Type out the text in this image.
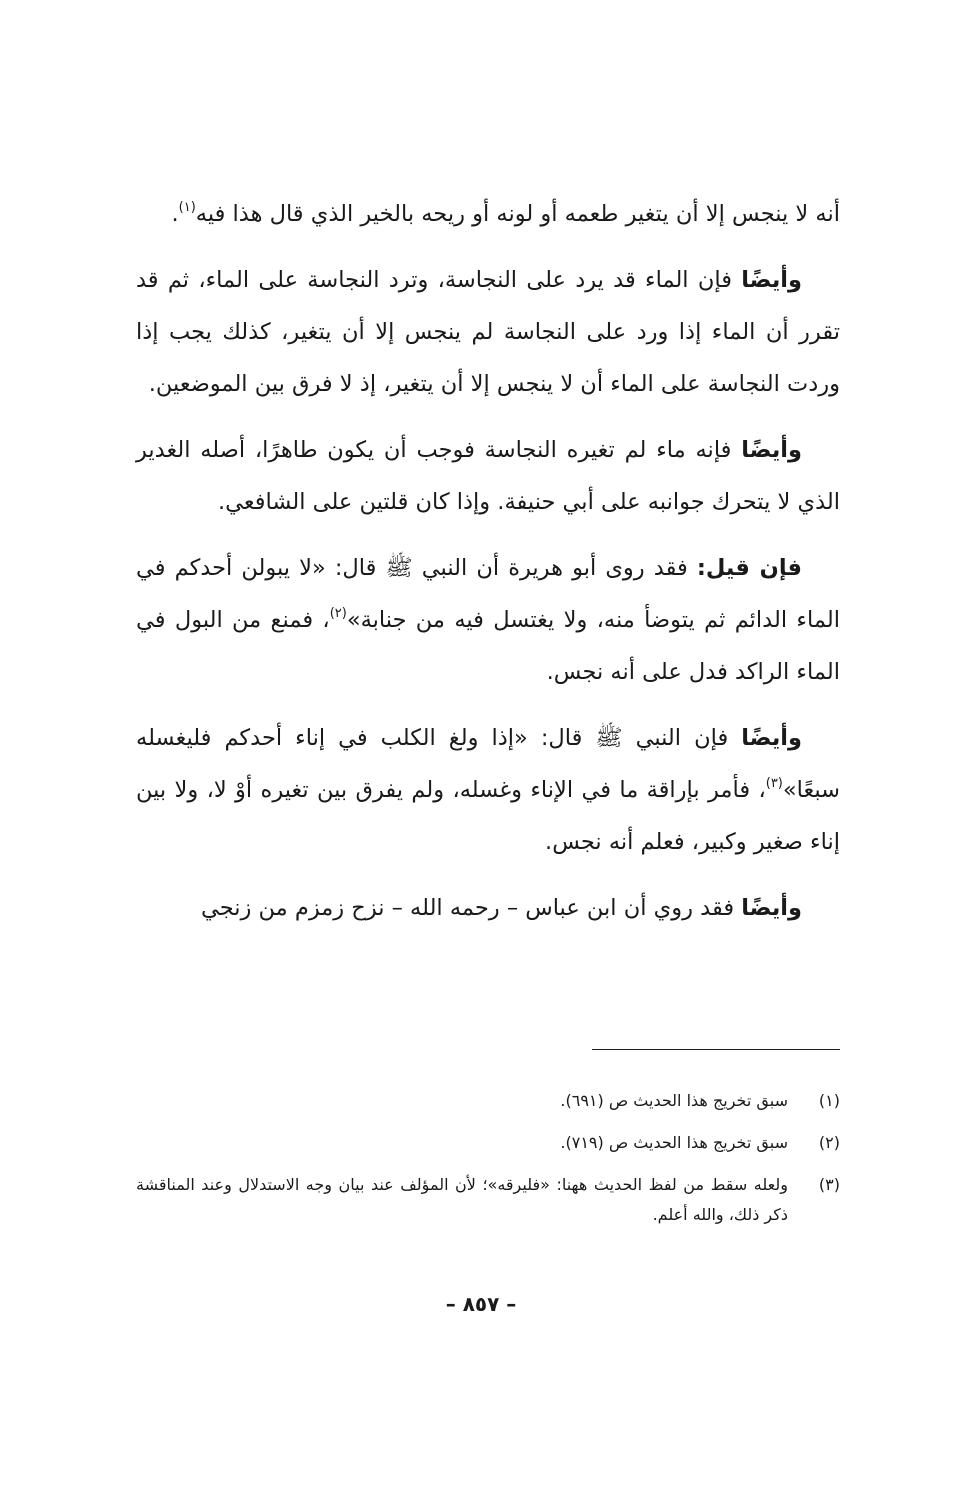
أنه لا ينجس إلا أن يتغير طعمه أو لونه أو ريحه بالخير الذي قال هذا فيه$^{(١)}$.

وأيضًا فإن الماء قد يرد على النجاسة، وترد النجاسة على الماء، ثم قد تقرر أن الماء إذا ورد على النجاسة لم ينجس إلا أن يتغير، كذلك يجب إذا وردت النجاسة على الماء أن لا ينجس إلا أن يتغير، إذ لا فرق بين الموضعين.

وأيضًا فإنه ماء لم تغيره النجاسة فوجب أن يكون طاهرًا، أصله الغدير الذي لا يتحرك جوانبه على أبي حنيفة. وإذا كان قلتين على الشافعي.

فإن قيل: فقد روى أبو هريرة أن النبي ﷺ قال: «لا يبولن أحدكم في الماء الدائم ثم يتوضأ منه، ولا يغتسل فيه من جنابة»$^{(٢)}$، فمنع من البول في الماء الراكد فدل على أنه نجس.

وأيضًا فإن النبي ﷺ قال: «إذا ولغ الكلب في إناء أحدكم فليغسله سبعًا»$^{(٣)}$، فأمر بإراقة ما في الإناء وغسله، ولم يفرق بين تغيره أوْ لا، ولا بين إناء صغير وكبير، فعلم أنه نجس.

وأيضًا فقد روي أن ابن عباس – رحمه الله – نزح زمزم من زنجي

(١)
سبق تخريج هذا الحديث ص (٦٩١).
(٢)
سبق تخريج هذا الحديث ص (٧١٩).
(٣)
ولعله سقط من لفظ الحديث ههنا: «فليرقه»؛ لأن المؤلف عند بيان وجه الاستدلال وعند المناقشة ذكر ذلك، والله أعلم.
– ٨٥٧ –
